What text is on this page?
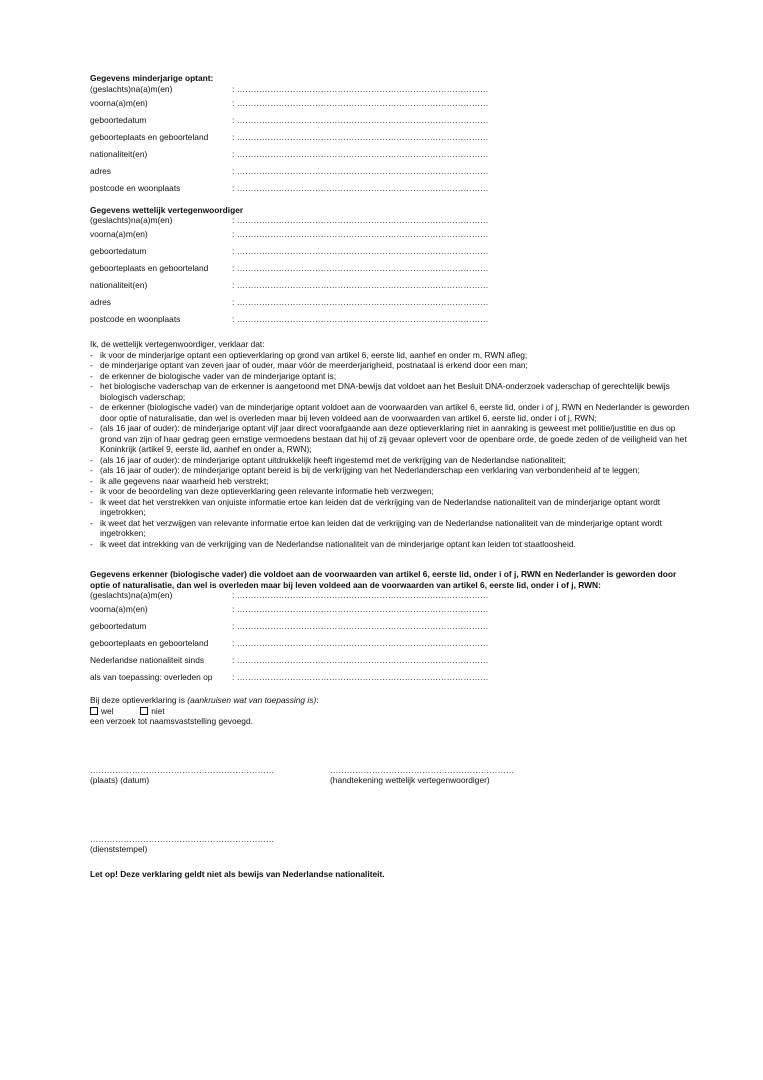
Gegevens minderjarige optant:

(geslachts)na(a)m(en)	: ………………………………………………………………………………
voorna(a)m(en)	: ………………………………………………………………………………
geboortedatum	: ………………………………………………………………………………
geboorteplaats en geboorteland	: ………………………………………………………………………………
nationaliteit(en)	: ………………………………………………………………………………
adres	: ………………………………………………………………………………
postcode en woonplaats	: ………………………………………………………………………………

Gegevens wettelijk vertegenwoordiger

(geslachts)na(a)m(en)	: ………………………………………………………………………………
voorna(a)m(en)	: ………………………………………………………………………………
geboortedatum	: ………………………………………………………………………………
geboorteplaats en geboorteland	: ………………………………………………………………………………
nationaliteit(en)	: ………………………………………………………………………………
adres	: ………………………………………………………………………………
postcode en woonplaats	: ………………………………………………………………………………

Ik, de wettelijk vertegenwoordiger, verklaar dat:

- ik voor de minderjarige optant een optieverklaring op grond van artikel 6, eerste lid, aanhef en onder m, RWN afleg;
- de minderjarige optant van zeven jaar of ouder, maar vóór de meerderjarigheid, postnataal is erkend door een man;
- de erkenner de biologische vader van de minderjarige optant is;
- het biologische vaderschap van de erkenner is aangetoond met DNA-bewijs dat voldoet aan het Besluit DNA-onderzoek vaderschap of gerechtelijk bewijs biologisch vaderschap;
- de erkenner (biologische vader) van de minderjarige optant voldoet aan de voorwaarden van artikel 6, eerste lid, onder i of j, RWN en Nederlander is geworden door optie of naturalisatie, dan wel is overleden maar bij leven voldeed aan de voorwaarden van artikel 6, eerste lid, onder i of j, RWN;
- (als 16 jaar of ouder): de minderjarige optant vijf jaar direct voorafgaande aan deze optieverklaring niet in aanraking is geweest met politie/justitie en dus op grond van zijn of haar gedrag geen ernstige vermoedens bestaan dat hij of zij gevaar oplevert voor de openbare orde, de goede zeden of de veiligheid van het Koninkrijk (artikel 9, eerste lid, aanhef en onder a, RWN);
- (als 16 jaar of ouder): de minderjarige optant uitdrukkelijk heeft ingestemd met de verkrijging van de Nederlandse nationaliteit;
- (als 16 jaar of ouder): de minderjarige optant bereid is bij de verkrijging van het Nederlanderschap een verklaring van verbondenheid af te leggen;
- ik alle gegevens naar waarheid heb verstrekt;
- ik voor de beoordeling van deze optieverklaring geen relevante informatie heb verzwegen;
- ik weet dat het verstrekken van onjuiste informatie ertoe kan leiden dat de verkrijging van de Nederlandse nationaliteit van de minderjarige optant wordt ingetrokken;
- ik weet dat het verzwijgen van relevante informatie ertoe kan leiden dat de verkrijging van de Nederlandse nationaliteit van de minderjarige optant wordt ingetrokken;
- ik weet dat intrekking van de verkrijging van de Nederlandse nationaliteit van de minderjarige optant kan leiden tot staatloosheid.

Gegevens erkenner (biologische vader) die voldoet aan de voorwaarden van artikel 6, eerste lid, onder i of j, RWN en Nederlander is geworden door optie of naturalisatie, dan wel is overleden maar bij leven voldeed aan de voorwaarden van artikel 6, eerste lid, onder i of j, RWN:

(geslachts)na(a)m(en)	: ………………………………………………………………………………
voorna(a)m(en)	: ………………………………………………………………………………
geboortedatum	: ………………………………………………………………………………
geboorteplaats en geboorteland	: ………………………………………………………………………………
Nederlandse nationaliteit sinds	: ………………………………………………………………………………
als van toepassing: overleden op	: ………………………………………………………………………………
Bij deze optieverklaring is (aankruisen wat van toepassing is):
wel	niet
een verzoek tot naamsvaststelling gevoegd.
…………………………………………………………
(plaats) (datum)
…………………………………………………………
(handtekening wettelijk vertegenwoordiger)
…………………………………………………………
(dienststempel)

Let op! Deze verklaring geldt niet als bewijs van Nederlandse nationaliteit.
